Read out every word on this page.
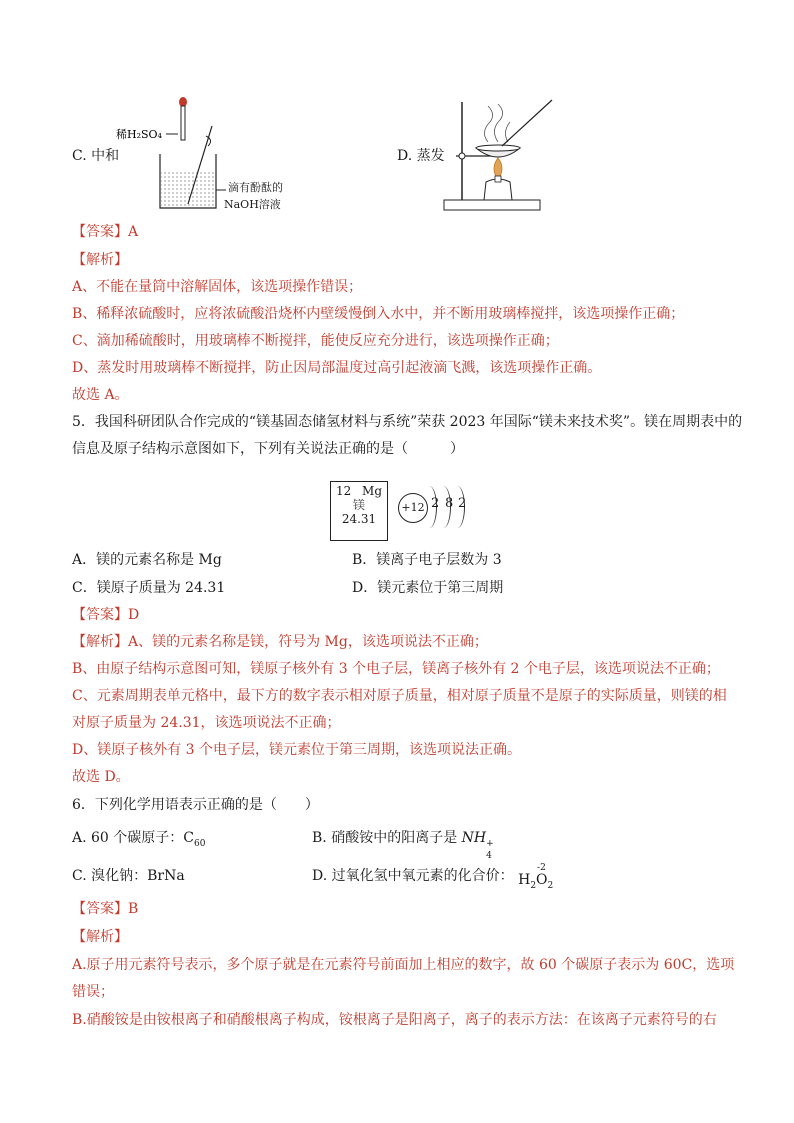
C. 中和
稀H₂SO₄
滴有酚酞的
NaOH溶液
D. 蒸发
【答案】A
【解析】
A、不能在量筒中溶解固体，该选项操作错误；
B、稀释浓硫酸时，应将浓硫酸沿烧杯内壁缓慢倒入水中，并不断用玻璃棒搅拌，该选项操作正确；
C、滴加稀硫酸时，用玻璃棒不断搅拌，能使反应充分进行，该选项操作正确；
D、蒸发时用玻璃棒不断搅拌，防止因局部温度过高引起液滴飞溅，该选项操作正确。
故选 A。
5．我国科研团队合作完成的“镁基固态储氢材料与系统”荣获 2023 年国际“镁未来技术奖”。镁在周期表中的
信息及原子结构示意图如下，下列有关说法正确的是（　　　）
12 Mg
镁
24.31
+12 2 8 2
A．镁的元素名称是 Mg	B．镁离子电子层数为 3
C．镁原子质量为 24.31	D．镁元素位于第三周期
【答案】D
【解析】A、镁的元素名称是镁，符号为 Mg，该选项说法不正确；
B、由原子结构示意图可知，镁原子核外有 3 个电子层，镁离子核外有 2 个电子层，该选项说法不正确；
C、元素周期表单元格中，最下方的数字表示相对原子质量，相对原子质量不是原子的实际质量，则镁的相
对原子质量为 24.31，该选项说法不正确；
D、镁原子核外有 3 个电子层，镁元素位于第三周期，该选项说法正确。
故选 D。
6．下列化学用语表示正确的是（　　）
A. 60 个碳原子：$C_{60}$	B. 硝酸铵中的阳离子是 NH +
4
C. 溴化钠：BrNa	D. 过氧化氢中氧元素的化合价： $H_2$
-2
$O_2$
【答案】B
【解析】
A.原子用元素符号表示，多个原子就是在元素符号前面加上相应的数字，故 60 个碳原子表示为 60C，选项
错误；
B.硝酸铵是由铵根离子和硝酸根离子构成，铵根离子是阳离子，离子的表示方法：在该离子元素符号的右
